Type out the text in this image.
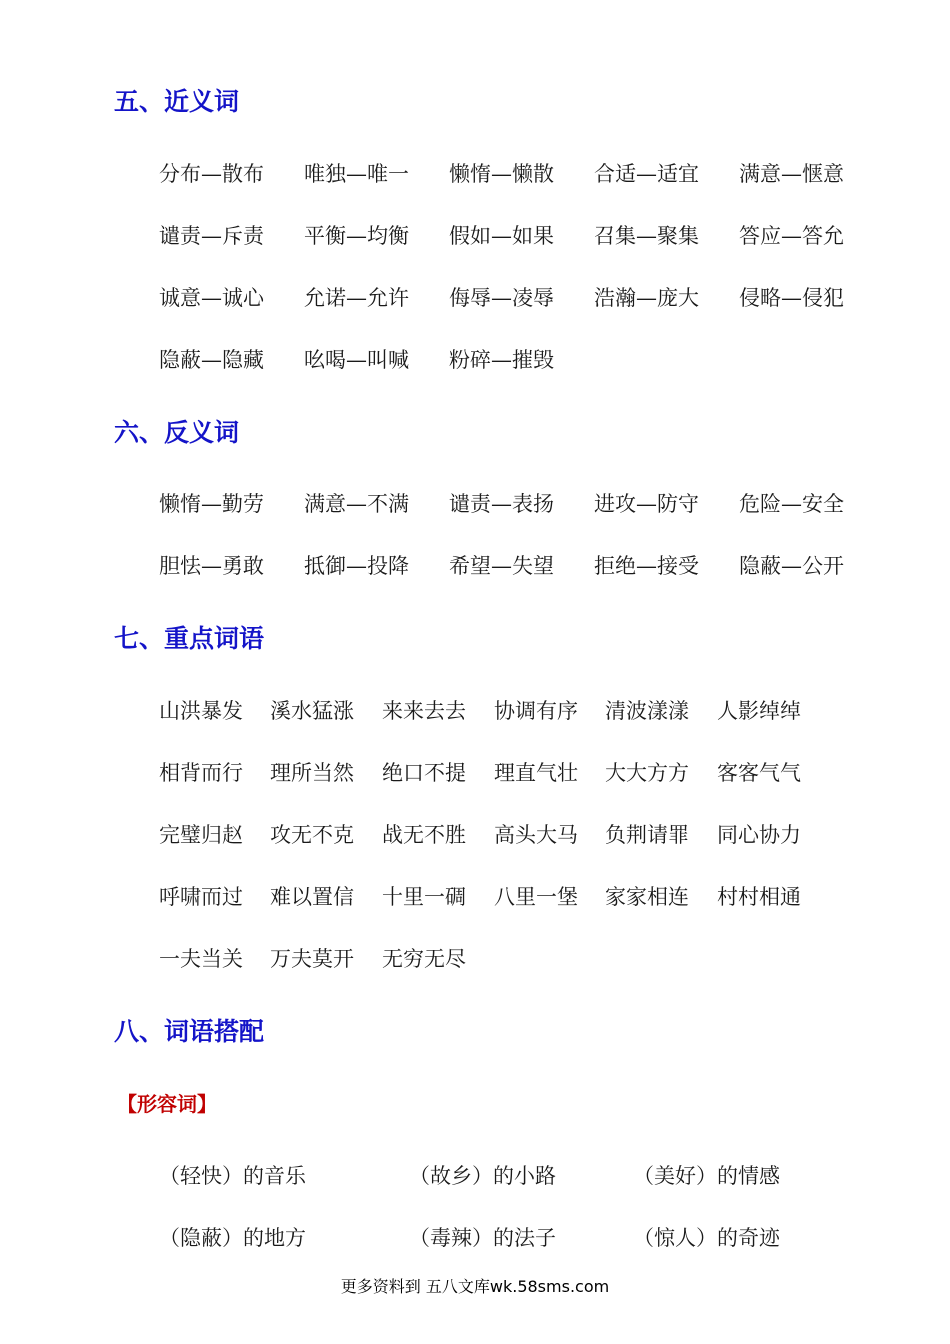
五、近义词
分布—散布 唯独—唯一 懒惰—懒散 合适—适宜 满意—惬意
谴责—斥责 平衡—均衡 假如—如果 召集—聚集 答应—答允
诚意—诚心 允诺—允许 侮辱—凌辱 浩瀚—庞大 侵略—侵犯
隐蔽—隐藏 吆喝—叫喊 粉碎—摧毁
六、反义词
懒惰—勤劳 满意—不满 谴责—表扬 进攻—防守 危险—安全
胆怯—勇敢 抵御—投降 希望—失望 拒绝—接受 隐蔽—公开
七、重点词语
山洪暴发 溪水猛涨 来来去去 协调有序 清波漾漾 人影绰绰
相背而行 理所当然 绝口不提 理直气壮 大大方方 客客气气
完璧归赵 攻无不克 战无不胜 高头大马 负荆请罪 同心协力
呼啸而过 难以置信 十里一碉 八里一堡 家家相连 村村相通
一夫当关 万夫莫开 无穷无尽
八、词语搭配
【形容词】
（轻快）的音乐	（故乡）的小路	（美好）的情感
（隐蔽）的地方	（毒辣）的法子	（惊人）的奇迹
更多资料到 五八文库wk.58sms.com
